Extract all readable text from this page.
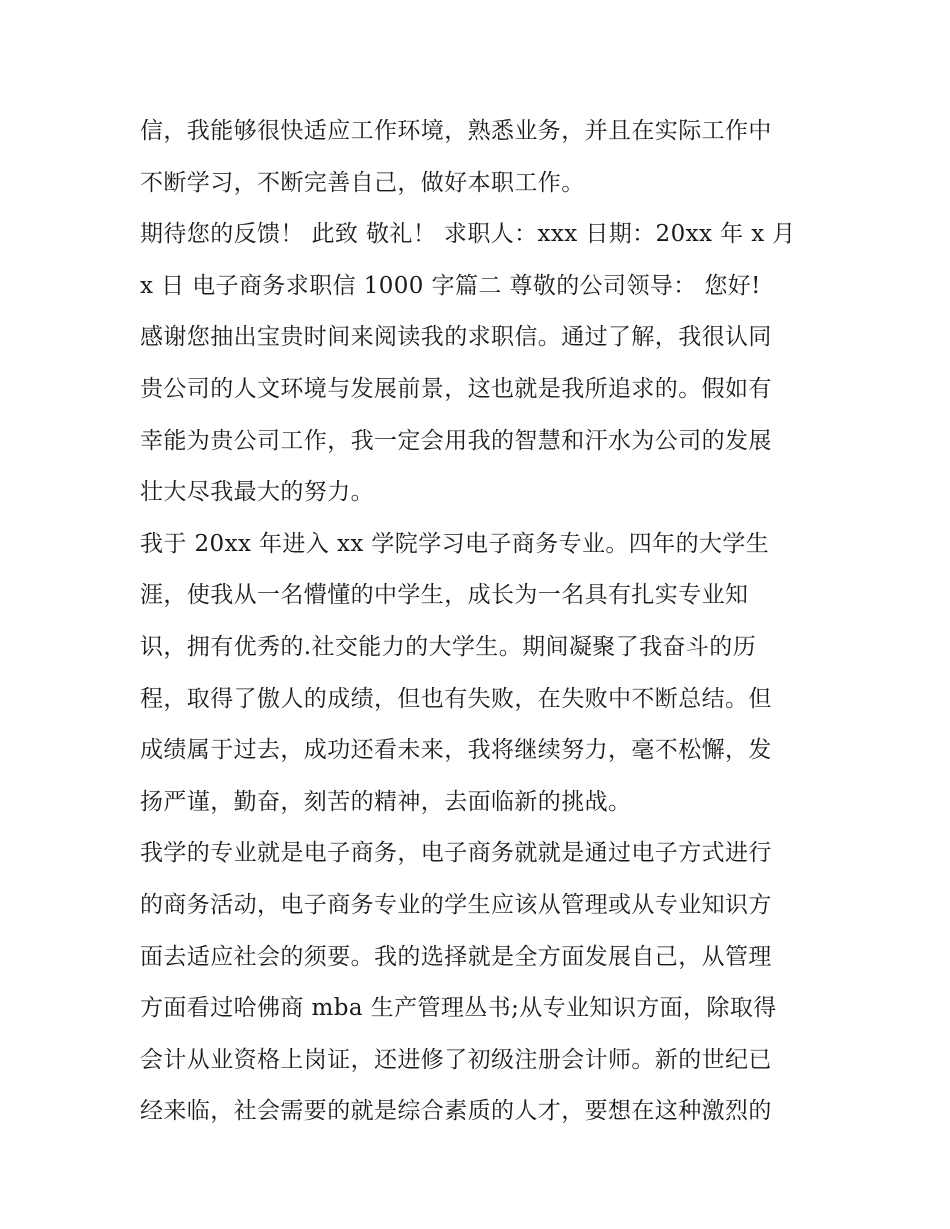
信，我能够很快适应工作环境，熟悉业务，并且在实际工作中
不断学习，不断完善自己，做好本职工作。
期待您的反馈！ 此致 敬礼！ 求职人：xxx 日期：20xx 年 x 月
x 日 电子商务求职信 1000 字篇二 尊敬的公司领导： 您好!
感谢您抽出宝贵时间来阅读我的求职信。通过了解，我很认同
贵公司的人文环境与发展前景，这也就是我所追求的。假如有
幸能为贵公司工作，我一定会用我的智慧和汗水为公司的发展
壮大尽我最大的努力。
我于 20xx 年进入 xx 学院学习电子商务专业。四年的大学生
涯，使我从一名懵懂的中学生，成长为一名具有扎实专业知
识，拥有优秀的.社交能力的大学生。期间凝聚了我奋斗的历
程，取得了傲人的成绩，但也有失败，在失败中不断总结。但
成绩属于过去，成功还看未来，我将继续努力，毫不松懈，发
扬严谨，勤奋，刻苦的精神，去面临新的挑战。
我学的专业就是电子商务，电子商务就就是通过电子方式进行
的商务活动，电子商务专业的学生应该从管理或从专业知识方
面去适应社会的须要。我的选择就是全方面发展自己，从管理
方面看过哈佛商 mba 生产管理丛书;从专业知识方面，除取得
会计从业资格上岗证，还进修了初级注册会计师。新的世纪已
经来临，社会需要的就是综合素质的人才，要想在这种激烈的
